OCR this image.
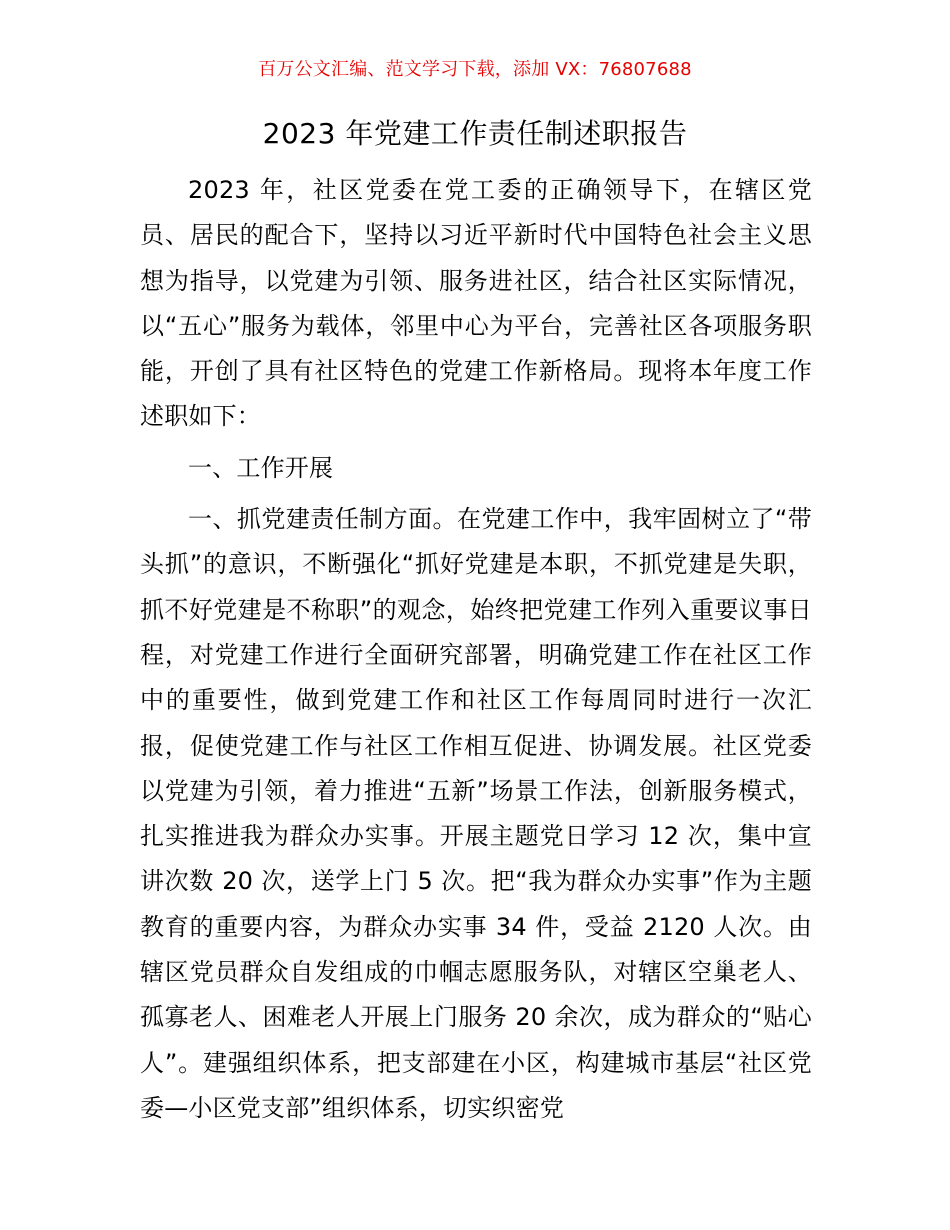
百万公文汇编、范文学习下载，添加 VX：76807688
2023 年党建工作责任制述职报告

2023 年，社区党委在党工委的正确领导下，在辖区党员、居民的配合下，坚持以习近平新时代中国特色社会主义思想为指导，以党建为引领、服务进社区，结合社区实际情况，以“五心”服务为载体，邻里中心为平台，完善社区各项服务职能，开创了具有社区特色的党建工作新格局。现将本年度工作述职如下：

一、工作开展

一、抓党建责任制方面。在党建工作中，我牢固树立了“带头抓”的意识，不断强化“抓好党建是本职，不抓党建是失职，抓不好党建是不称职”的观念，始终把党建工作列入重要议事日程，对党建工作进行全面研究部署，明确党建工作在社区工作中的重要性，做到党建工作和社区工作每周同时进行一次汇报，促使党建工作与社区工作相互促进、协调发展。社区党委以党建为引领，着力推进“五新”场景工作法，创新服务模式，扎实推进我为群众办实事。开展主题党日学习 12 次，集中宣讲次数 20 次，送学上门 5 次。把“我为群众办实事”作为主题教育的重要内容，为群众办实事 34 件，受益 2120 人次。由辖区党员群众自发组成的巾帼志愿服务队，对辖区空巢老人、孤寡老人、困难老人开展上门服务 20 余次，成为群众的“贴心人”。建强组织体系，把支部建在小区，构建城市基层“社区党委—小区党支部”组织体系，切实织密党
